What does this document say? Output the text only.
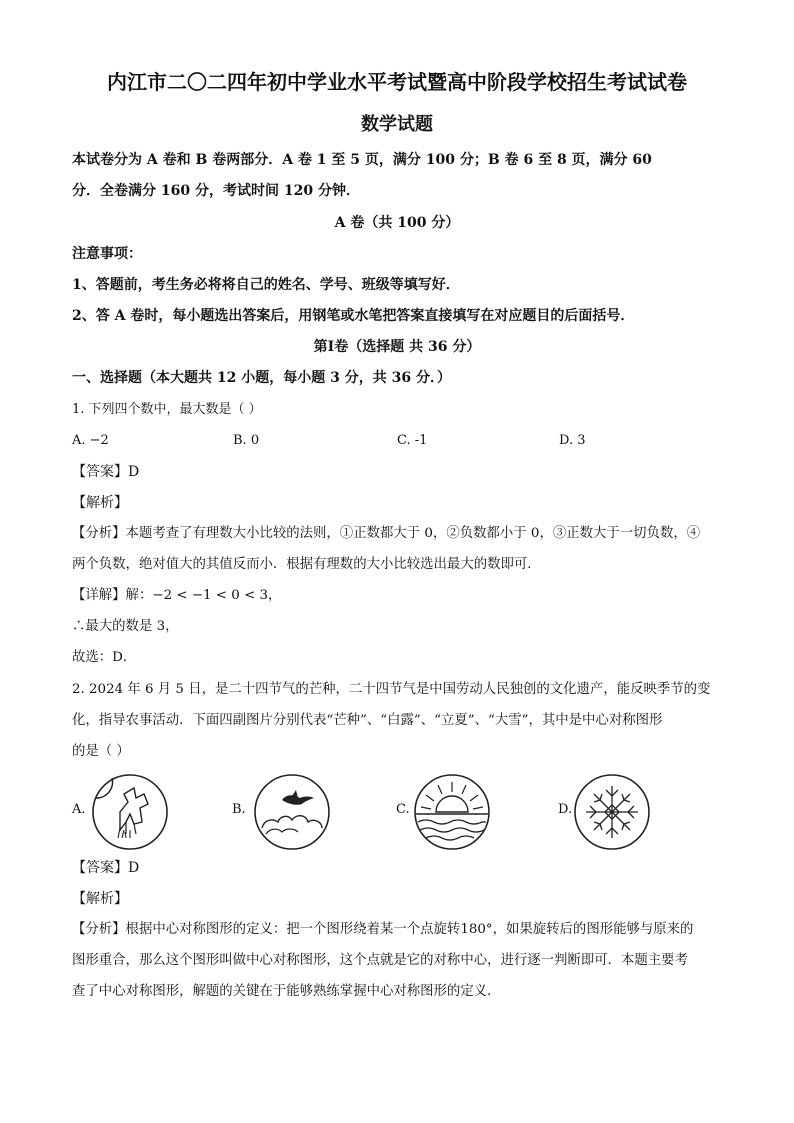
内江市二〇二四年初中学业水平考试暨高中阶段学校招生考试试卷
数学试题
本试卷分为 A 卷和 B 卷两部分．A 卷 1 至 5 页，满分 100 分；B 卷 6 至 8 页，满分 60
分．全卷满分 160 分，考试时间 120 分钟．
A 卷（共 100 分）
注意事项：
1、答题前，考生务必将将自己的姓名、学号、班级等填写好．
2、答 A 卷时，每小题选出答案后，用钢笔或水笔把答案直接填写在对应题目的后面括号．
第Ⅰ卷（选择题 共 36 分）
一、选择题（本大题共 12 小题，每小题 3 分，共 36 分．）
1. 下列四个数中，最大数是（ ）
A. −2	B. 0	C. -1	D. 3
【答案】D
【解析】
【分析】本题考查了有理数大小比较的法则，①正数都大于 0，②负数都小于 0，③正数大于一切负数，④
两个负数，绝对值大的其值反而小．根据有理数的大小比较选出最大的数即可．
【详解】解：−2 < −1 < 0 < 3，
∴最大的数是 3，
故选：D．
2. 2024 年 6 月 5 日，是二十四节气的芒种，二十四节气是中国劳动人民独创的文化遗产，能反映季节的变
化，指导农事活动．下面四副图片分别代表“芒种”、“白露”、“立夏”、“大雪”，其中是中心对称图形
的是（ ）
A.	B.	C.	D.
【答案】D
【解析】
【分析】根据中心对称图形的定义：把一个图形绕着某一个点旋转180°，如果旋转后的图形能够与原来的
图形重合，那么这个图形叫做中心对称图形，这个点就是它的对称中心，进行逐一判断即可．本题主要考
查了中心对称图形，解题的关键在于能够熟练掌握中心对称图形的定义．
